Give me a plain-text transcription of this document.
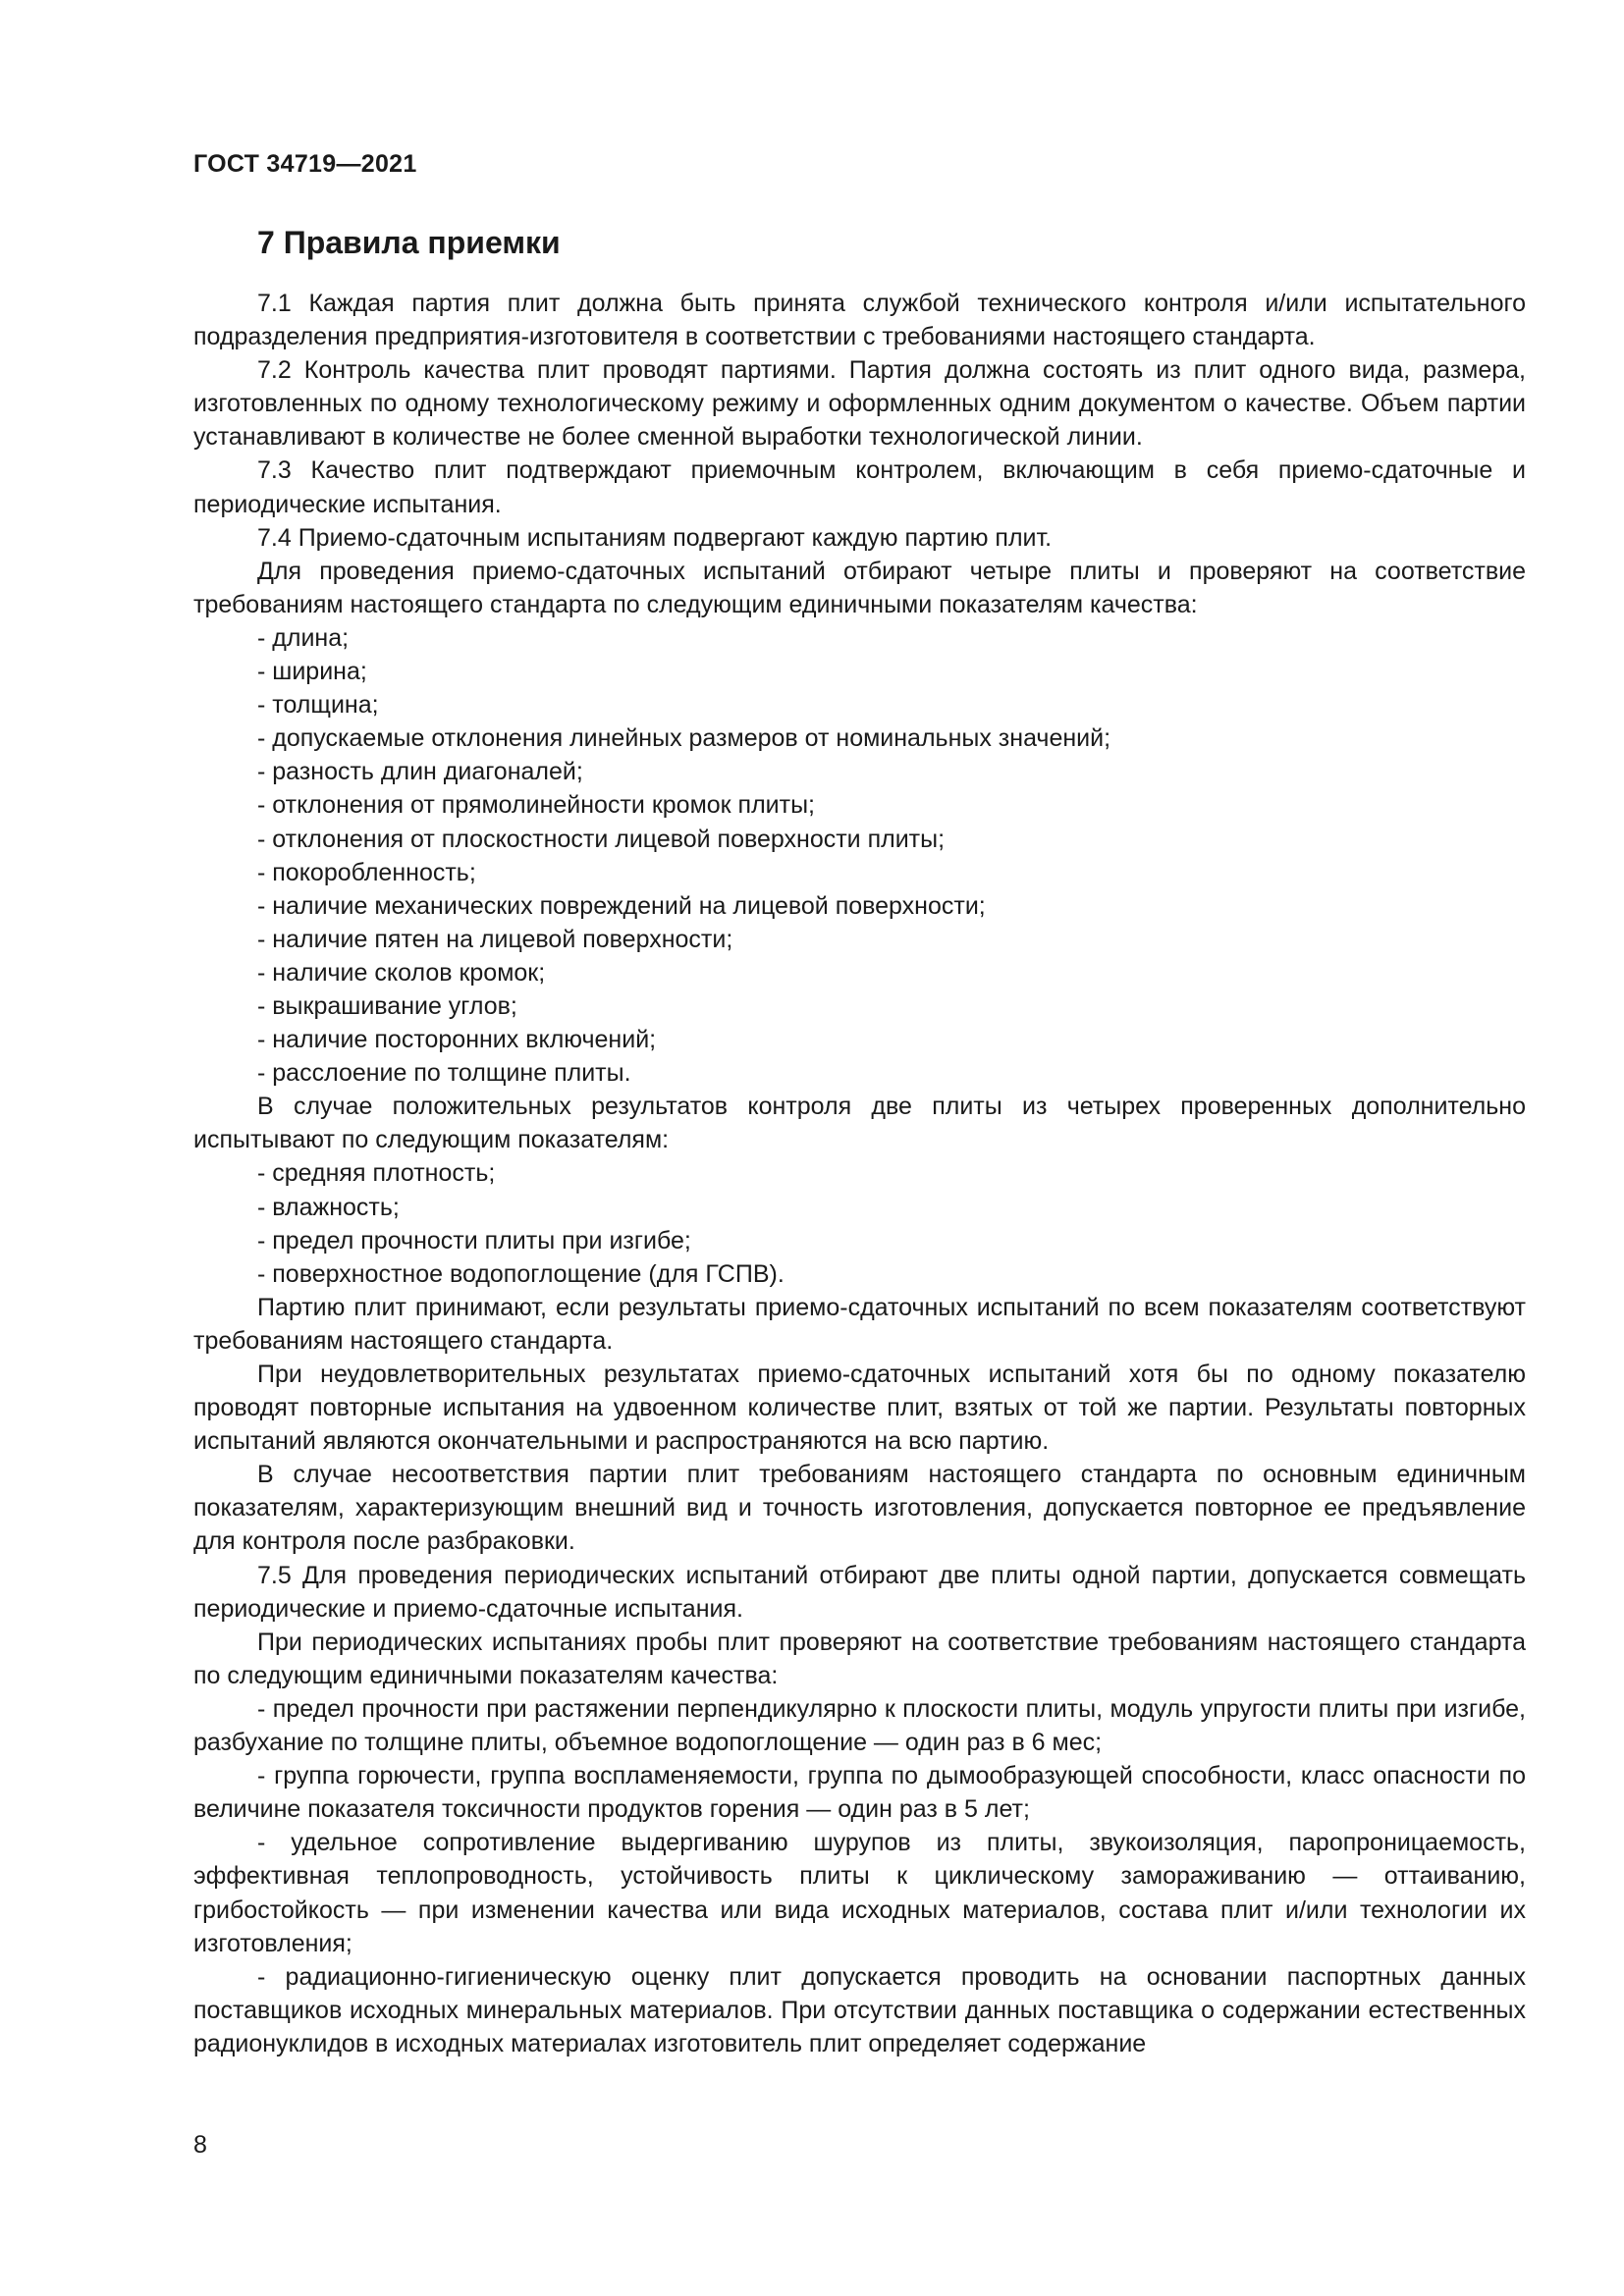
ГОСТ 34719—2021
7 Правила приемки

7.1 Каждая партия плит должна быть принята службой технического контроля и/или испытательного подразделения предприятия-изготовителя в соответствии с требованиями настоящего стандарта.

7.2 Контроль качества плит проводят партиями. Партия должна состоять из плит одного вида, размера, изготовленных по одному технологическому режиму и оформленных одним документом о качестве. Объем партии устанавливают в количестве не более сменной выработки технологической линии.

7.3 Качество плит подтверждают приемочным контролем, включающим в себя приемо-сдаточные и периодические испытания.

7.4 Приемо-сдаточным испытаниям подвергают каждую партию плит.

Для проведения приемо-сдаточных испытаний отбирают четыре плиты и проверяют на соответствие требованиям настоящего стандарта по следующим единичными показателям качества:

- длина;

- ширина;

- толщина;

- допускаемые отклонения линейных размеров от номинальных значений;

- разность длин диагоналей;

- отклонения от прямолинейности кромок плиты;

- отклонения от плоскостности лицевой поверхности плиты;

- покоробленность;

- наличие механических повреждений на лицевой поверхности;

- наличие пятен на лицевой поверхности;

- наличие сколов кромок;

- выкрашивание углов;

- наличие посторонних включений;

- расслоение по толщине плиты.

В случае положительных результатов контроля две плиты из четырех проверенных дополнительно испытывают по следующим показателям:

- средняя плотность;

- влажность;

- предел прочности плиты при изгибе;

- поверхностное водопоглощение (для ГСПВ).

Партию плит принимают, если результаты приемо-сдаточных испытаний по всем показателям соответствуют требованиям настоящего стандарта.

При неудовлетворительных результатах приемо-сдаточных испытаний хотя бы по одному показателю проводят повторные испытания на удвоенном количестве плит, взятых от той же партии. Результаты повторных испытаний являются окончательными и распространяются на всю партию.

В случае несоответствия партии плит требованиям настоящего стандарта по основным единичным показателям, характеризующим внешний вид и точность изготовления, допускается повторное ее предъявление для контроля после разбраковки.

7.5 Для проведения периодических испытаний отбирают две плиты одной партии, допускается совмещать периодические и приемо-сдаточные испытания.

При периодических испытаниях пробы плит проверяют на соответствие требованиям настоящего стандарта по следующим единичными показателям качества:

- предел прочности при растяжении перпендикулярно к плоскости плиты, модуль упругости плиты при изгибе, разбухание по толщине плиты, объемное водопоглощение — один раз в 6 мес;

- группа горючести, группа воспламеняемости, группа по дымообразующей способности, класс опасности по величине показателя токсичности продуктов горения — один раз в 5 лет;

- удельное сопротивление выдергиванию шурупов из плиты, звукоизоляция, паропроницаемость, эффективная теплопроводность, устойчивость плиты к циклическому замораживанию — оттаиванию, грибостойкость — при изменении качества или вида исходных материалов, состава плит и/или технологии их изготовления;

- радиационно-гигиеническую оценку плит допускается проводить на основании паспортных данных поставщиков исходных минеральных материалов. При отсутствии данных поставщика о содержании естественных радионуклидов в исходных материалах изготовитель плит определяет содержание

8
